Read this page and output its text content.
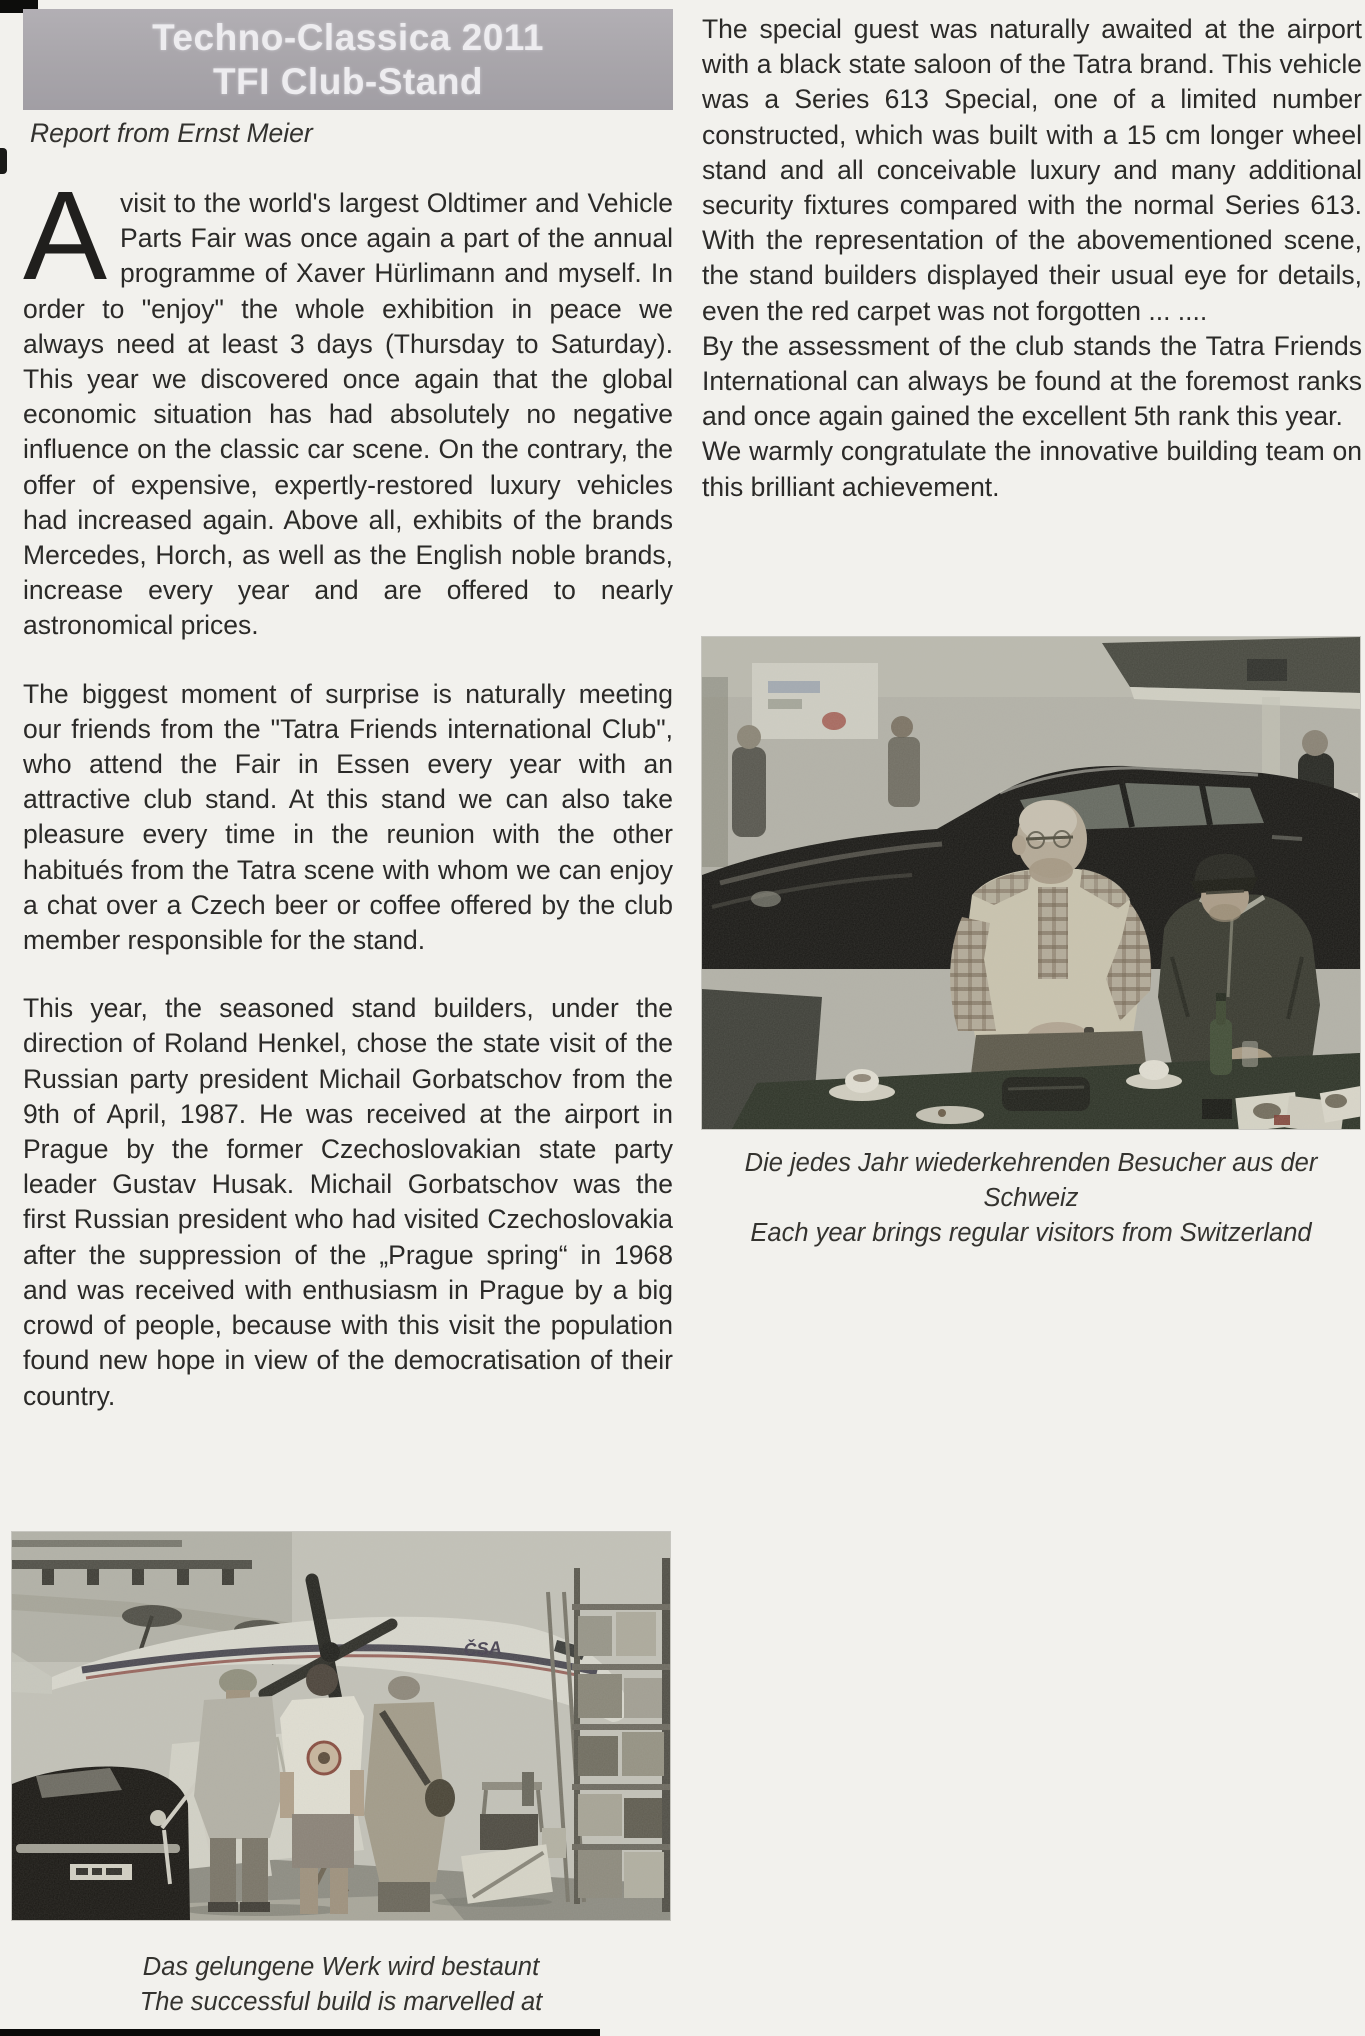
Techno-Classica 2011
TFI Club-Stand
Report from Ernst Meier

Avisit to the world's largest Oldtimer and Vehicle Parts Fair was once again a part of the annual programme of Xaver Hürlimann and myself. In order to "enjoy" the whole exhibition in peace we always need at least 3 days (Thursday to Saturday). This year we discovered once again that the global economic situation has had absolutely no negative influence on the classic car scene. On the contrary, the offer of expensive, expertly-restored luxury vehicles had increased again. Above all, exhibits of the brands Mercedes, Horch, as well as the English noble brands, increase every year and are offered to nearly astronomical prices.

The biggest moment of surprise is naturally meeting our friends from the "Tatra Friends international Club", who attend the Fair in Essen every year with an attractive club stand. At this stand we can also take pleasure every time in the reunion with the other habitués from the Tatra scene with whom we can enjoy a chat over a Czech beer or coffee offered by the club member responsible for the stand.

This year, the seasoned stand builders, under the direction of Roland Henkel, chose the state visit of the Russian party president Michail Gorbatschov from the 9th of April, 1987. He was received at the airport in Prague by the former Czechoslovakian state party leader Gustav Husak. Michail Gorbatschov was the first Russian president who had visited Czechoslovakia after the suppression of the „Prague spring“ in 1968 and was received with enthusiasm in Prague by a big crowd of people, because with this visit the population found new hope in view of the democratisation of their country.

The special guest was naturally awaited at the airport with a black state saloon of the Tatra brand. This vehicle was a Series 613 Special, one of a limited number constructed, which was built with a 15 cm longer wheel stand and all conceivable luxury and many additional security fixtures compared with the normal Series 613. With the representation of the abovementioned scene, the stand builders displayed their usual eye for details, even the red carpet was not forgotten ... ....

By the assessment of the club stands the Tatra Friends International can always be found at the foremost ranks and once again gained the excellent 5th rank this year.

We warmly congratulate the innovative building team on this brilliant achievement.

Die jedes Jahr wiederkehrenden Besucher aus der Schweiz
Each year brings regular visitors from Switzerland
ČSA
Das gelungene Werk wird bestaunt
The successful build is marvelled at
